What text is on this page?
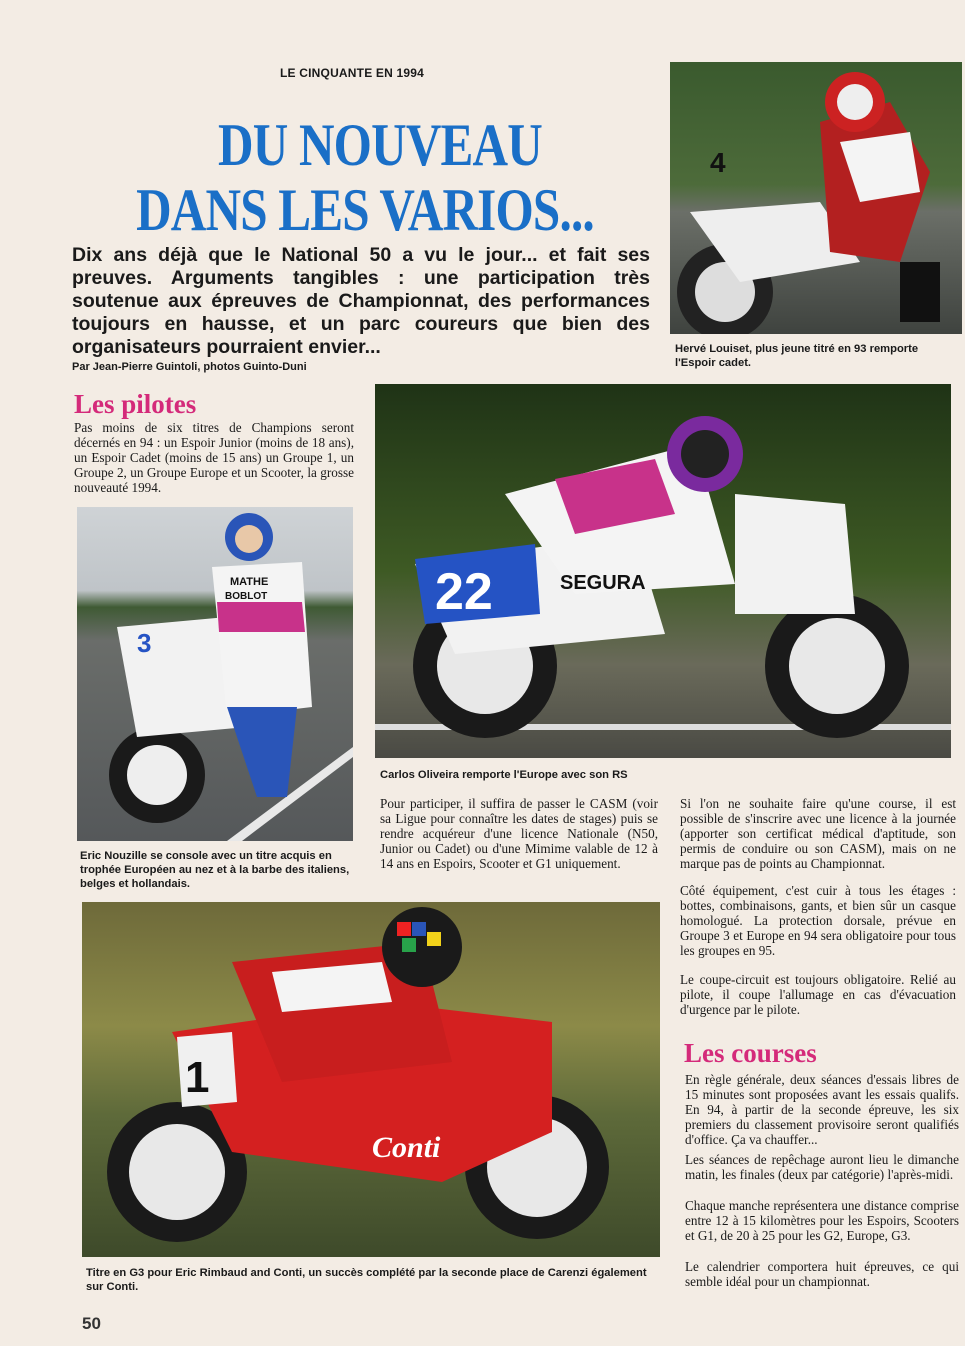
LE CINQUANTE EN 1994
DU NOUVEAU
DANS LES VARIOS...
Dix ans déjà que le National 50 a vu le jour... et fait ses preuves. Arguments tangibles : une participation très soutenue aux épreuves de Championnat, des performances toujours en hausse, et un parc coureurs que bien des organisateurs pourraient envier...
Par Jean-Pierre Guintoli, photos Guinto-Duni
4
Hervé Louiset, plus jeune titré en 93 remporte l'Espoir cadet.
Les pilotes
Pas moins de six titres de Champions seront décernés en 94 : un Espoir Junior (moins de 18 ans), un Espoir Cadet (moins de 15 ans) un Groupe 1, un Groupe 2, un Groupe Europe et un Scooter, la grosse nouveauté 1994.
22	SEGURA
Carlos Oliveira remporte l'Europe avec son RS
3
MATHE
BOBLOT
Eric Nouzille se console avec un titre acquis en trophée Européen au nez et à la barbe des italiens, belges et hollandais.
Pour participer, il suffira de passer le CASM (voir sa Ligue pour connaître les dates de stages) puis se rendre acquéreur d'une licence Nationale (N50, Junior ou Cadet) ou d'une Mimime valable de 12 à 14 ans en Espoirs, Scooter et G1 uniquement.
Si l'on ne souhaite faire qu'une course, il est possible de s'inscrire avec une licence à la journée (apporter son certificat médical d'aptitude, son permis de conduire ou son CASM), mais on ne marque pas de points au Championnat.
Côté équipement, c'est cuir à tous les étages : bottes, combinaisons, gants, et bien sûr un casque homologué. La protection dorsale, prévue en Groupe 3 et Europe en 94 sera obligatoire pour tous les groupes en 95.
Le coupe-circuit est toujours obligatoire. Relié au pilote, il coupe l'allumage en cas d'évacuation d'urgence par le pilote.
Les courses
En règle générale, deux séances d'essais libres de 15 minutes sont proposées avant les essais qualifs. En 94, à partir de la seconde épreuve, les six premiers du classement provisoire seront qualifiés d'office. Ça va chauffer...
Les séances de repêchage auront lieu le dimanche matin, les finales (deux par catégorie) l'après-midi.
Chaque manche représentera une distance comprise entre 12 à 15 kilomètres pour les Espoirs, Scooters et G1, de 20 à 25 pour les G2, Europe, G3.
Le calendrier comportera huit épreuves, ce qui semble idéal pour un championnat.
1
Conti
Titre en G3 pour Eric Rimbaud and Conti, un succès complété par la seconde place de Carenzi également sur Conti.
50
